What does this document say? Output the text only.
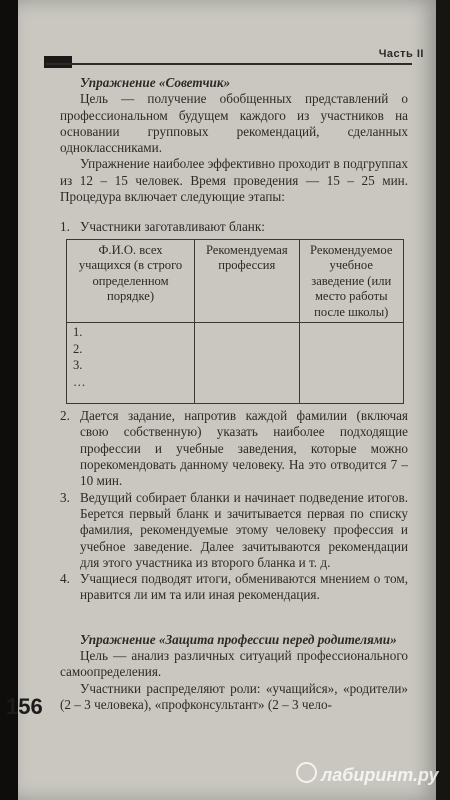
Часть II

Упражнение «Советчик»

Цель — получение обобщенных представлений о профессиональном будущем каждого из участников на основании групповых рекомендаций, сделанных одноклассниками.

Упражнение наиболее эффективно проходит в подгруппах из 12 – 15 человек. Время проведения — 15 – 25 мин. Процедура включает следующие этапы:

1. Участники заготавливают бланк:
Ф.И.О. всех учащихся (в строго определенном порядке)	Рекомендуемая профессия	Рекомендуемое учебное заведение (или место работы после школы)

1.
2.
3.
…		

2. Дается задание, напротив каждой фамилии (включая свою собственную) указать наиболее подходящие профессии и учебные заведения, которые можно порекомендовать данному человеку. На это отводится 7 – 10 мин.
3. Ведущий собирает бланки и начинает подведение итогов. Берется первый бланк и зачитывается первая по списку фамилия, рекомендуемые этому человеку профессия и учебное заведение. Далее зачитываются рекомендации для этого участника из второго бланка и т. д.
4. Учащиеся подводят итоги, обмениваются мнением о том, нравится ли им та или иная рекомендация.

Упражнение «Защита профессии перед родителями»

Цель — анализ различных ситуаций профессионального самоопределения.

Участники распределяют роли: «учащийся», «родители» (2 – 3 человека), «профконсультант» (2 – 3 чело-

156
лабиринт.ру
